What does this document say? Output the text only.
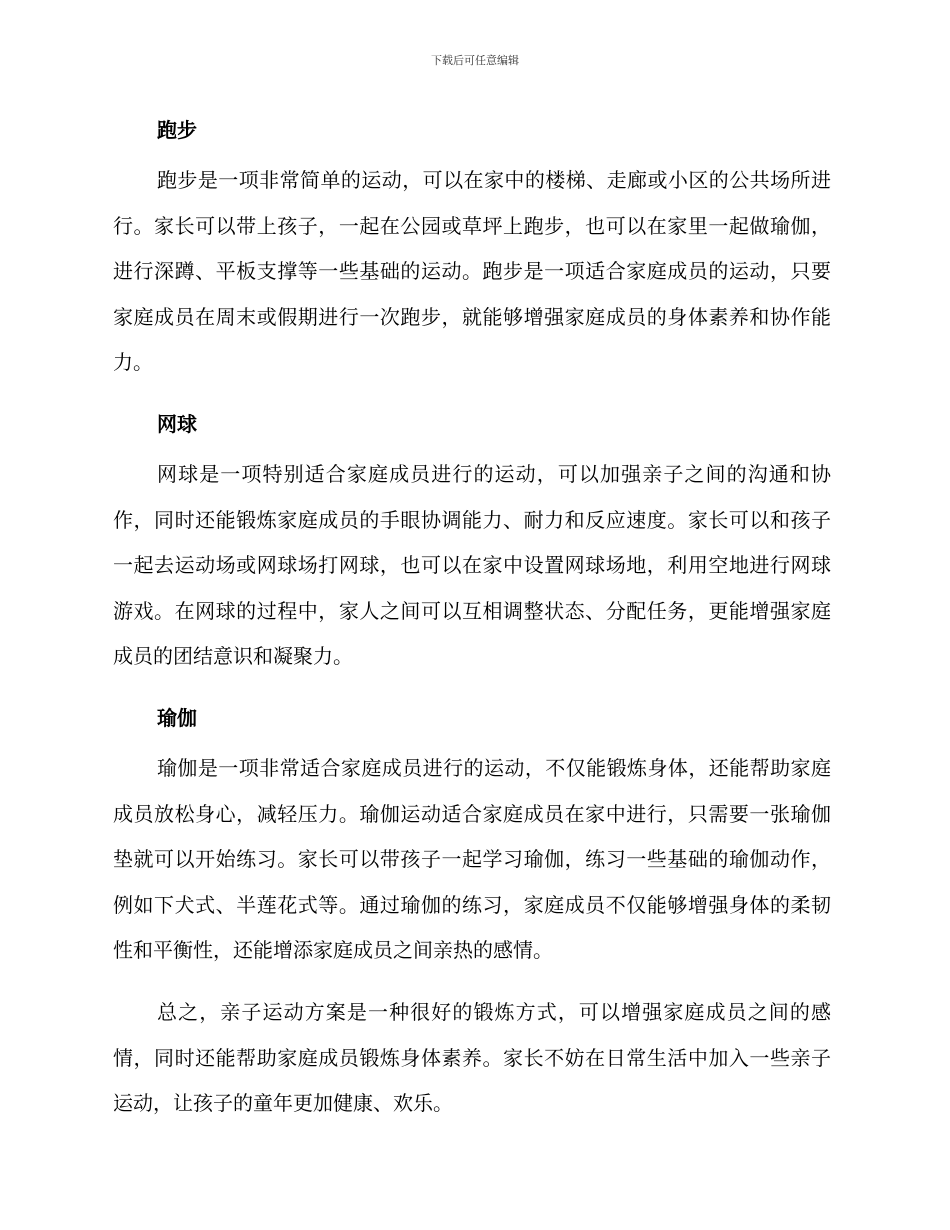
下载后可任意编辑
跑步

跑步是一项非常简单的运动，可以在家中的楼梯、走廊或小区的公共场所进行。家长可以带上孩子，一起在公园或草坪上跑步，也可以在家里一起做瑜伽，进行深蹲、平板支撑等一些基础的运动。跑步是一项适合家庭成员的运动，只要家庭成员在周末或假期进行一次跑步，就能够增强家庭成员的身体素养和协作能力。

网球

网球是一项特别适合家庭成员进行的运动，可以加强亲子之间的沟通和协作，同时还能锻炼家庭成员的手眼协调能力、耐力和反应速度。家长可以和孩子一起去运动场或网球场打网球，也可以在家中设置网球场地，利用空地进行网球游戏。在网球的过程中，家人之间可以互相调整状态、分配任务，更能增强家庭成员的团结意识和凝聚力。

瑜伽

瑜伽是一项非常适合家庭成员进行的运动，不仅能锻炼身体，还能帮助家庭成员放松身心，减轻压力。瑜伽运动适合家庭成员在家中进行，只需要一张瑜伽垫就可以开始练习。家长可以带孩子一起学习瑜伽，练习一些基础的瑜伽动作，例如下犬式、半莲花式等。通过瑜伽的练习，家庭成员不仅能够增强身体的柔韧性和平衡性，还能增添家庭成员之间亲热的感情。

总之，亲子运动方案是一种很好的锻炼方式，可以增强家庭成员之间的感情，同时还能帮助家庭成员锻炼身体素养。家长不妨在日常生活中加入一些亲子运动，让孩子的童年更加健康、欢乐。
